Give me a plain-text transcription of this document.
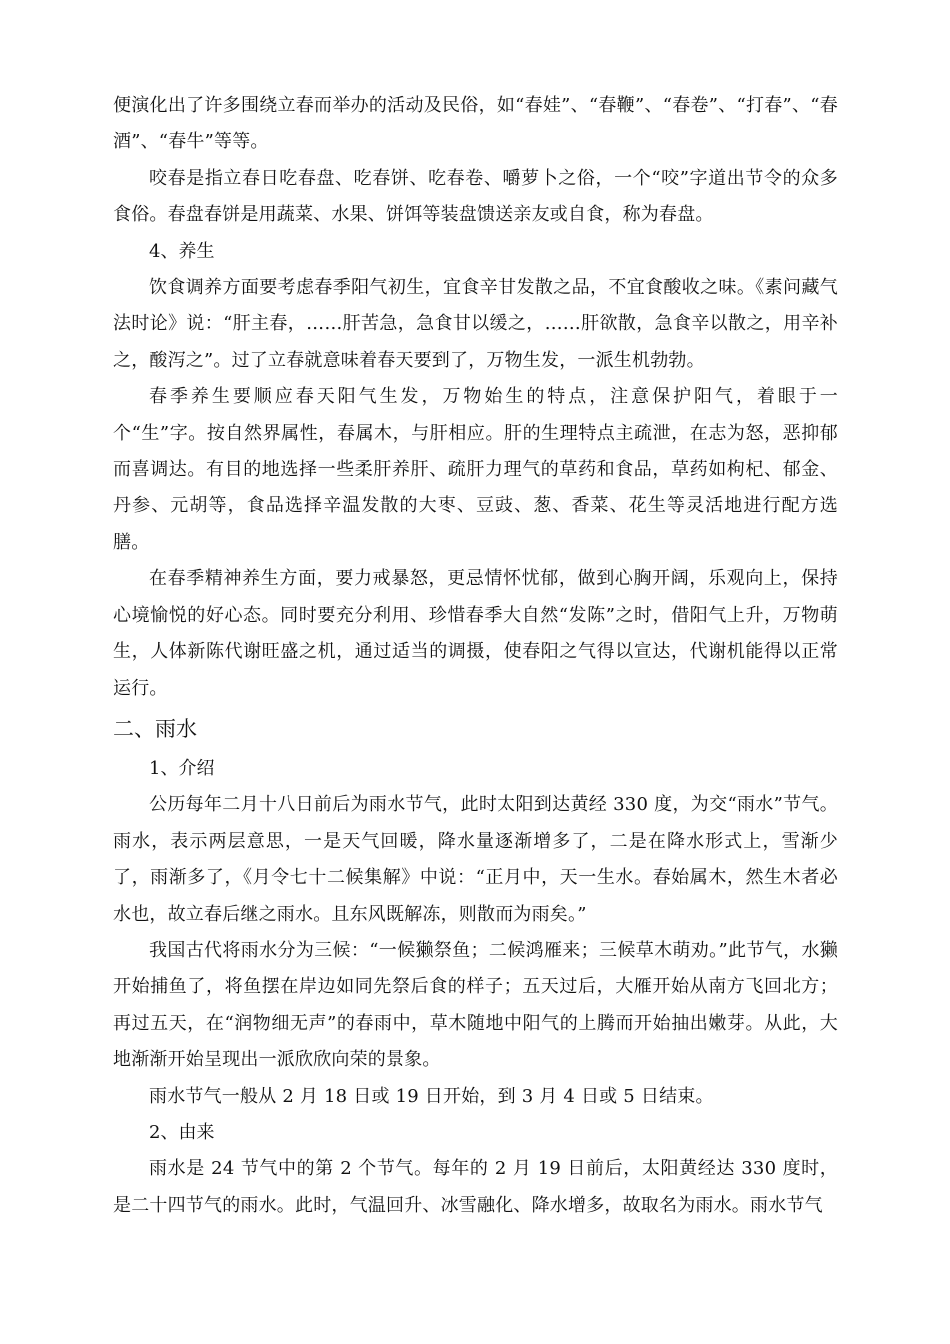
便演化出了许多围绕立春而举办的活动及民俗，如“春娃”、“春鞭”、“春卷”、“打春”、“春酒”、“春牛”等等。

咬春是指立春日吃春盘、吃春饼、吃春卷、嚼萝卜之俗，一个“咬”字道出节令的众多食俗。春盘春饼是用蔬菜、水果、饼饵等装盘馈送亲友或自食，称为春盘。

4、养生

饮食调养方面要考虑春季阳气初生，宜食辛甘发散之品，不宜食酸收之味。《素问藏气法时论》说：“肝主春，……肝苦急，急食甘以缓之，……肝欲散，急食辛以散之，用辛补之，酸泻之”。过了立春就意味着春天要到了，万物生发，一派生机勃勃。

春季养生要顺应春天阳气生发，万物始生的特点，注意保护阳气，着眼于一个“生”字。按自然界属性，春属木，与肝相应。肝的生理特点主疏泄，在志为怒，恶抑郁而喜调达。有目的地选择一些柔肝养肝、疏肝力理气的草药和食品，草药如枸杞、郁金、丹参、元胡等，食品选择辛温发散的大枣、豆豉、葱、香菜、花生等灵活地进行配方选膳。

在春季精神养生方面，要力戒暴怒，更忌情怀忧郁，做到心胸开阔，乐观向上，保持心境愉悦的好心态。同时要充分利用、珍惜春季大自然“发陈”之时，借阳气上升，万物萌生，人体新陈代谢旺盛之机，通过适当的调摄，使春阳之气得以宣达，代谢机能得以正常运行。

二、雨水

1、介绍

公历每年二月十八日前后为雨水节气，此时太阳到达黄经 330 度，为交“雨水”节气。雨水，表示两层意思，一是天气回暖，降水量逐渐增多了，二是在降水形式上，雪渐少了，雨渐多了，《月令七十二候集解》中说：“正月中，天一生水。春始属木，然生木者必水也，故立春后继之雨水。且东风既解冻，则散而为雨矣。”

我国古代将雨水分为三候：“一候獭祭鱼；二候鸿雁来；三候草木萌劝。”此节气，水獭开始捕鱼了，将鱼摆在岸边如同先祭后食的样子；五天过后，大雁开始从南方飞回北方；再过五天，在“润物细无声”的春雨中，草木随地中阳气的上腾而开始抽出嫩芽。从此，大地渐渐开始呈现出一派欣欣向荣的景象。

雨水节气一般从 2 月 18 日或 19 日开始，到 3 月 4 日或 5 日结束。

2、由来

雨水是 24 节气中的第 2 个节气。每年的 2 月 19 日前后，太阳黄经达 330 度时，是二十四节气的雨水。此时，气温回升、冰雪融化、降水增多，故取名为雨水。雨水节气
